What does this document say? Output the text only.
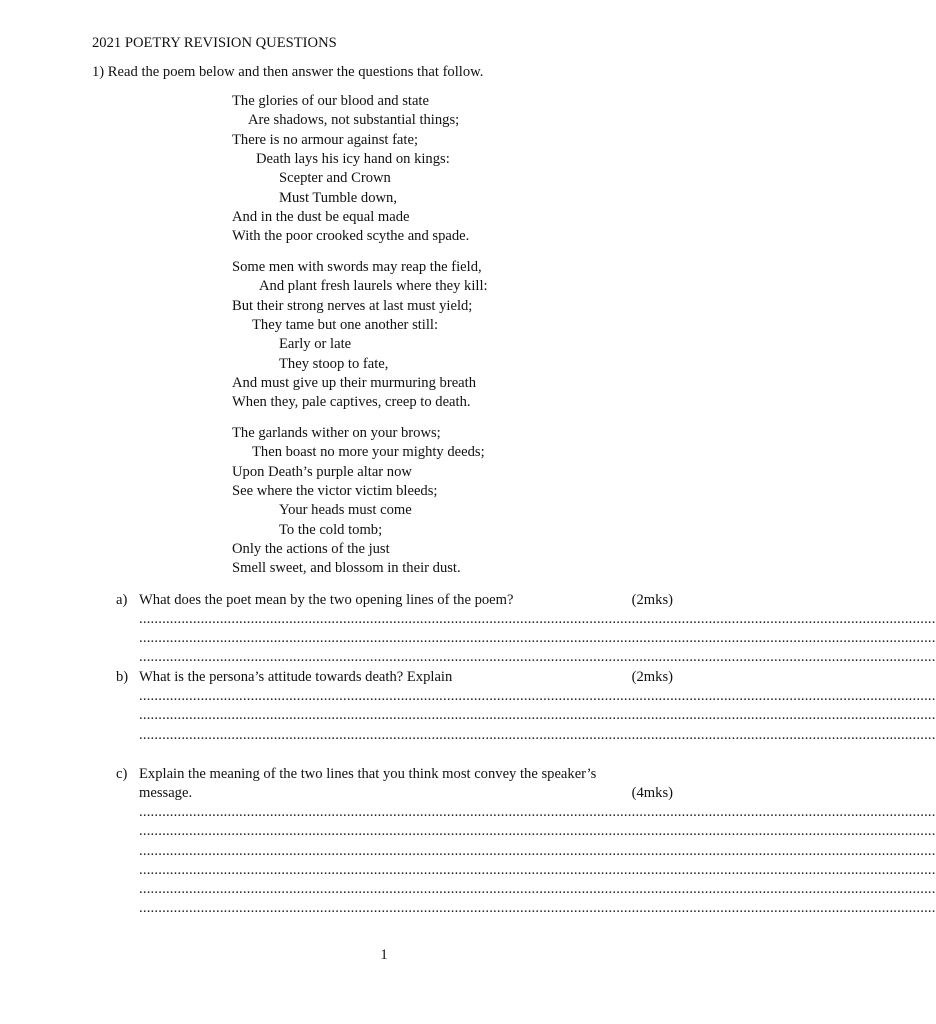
2021 POETRY REVISION QUESTIONS
1) Read the poem below and then answer the questions that follow.
The glories of our blood and state
Are shadows, not substantial things;
There is no armour against fate;
Death lays his icy hand on kings:
Scepter and Crown
Must Tumble down,
And in the dust be equal made
With the poor crooked scythe and spade.
Some men with swords may reap the field,
And plant fresh laurels where they kill:
But their strong nerves at last must yield;
They tame but one another still:
Early or late
They stoop to fate,
And must give up their murmuring breath
When they, pale captives, creep to death.
The garlands wither on your brows;
Then boast no more your mighty deeds;
Upon Death’s purple altar now
See where the victor victim bleeds;
Your heads must come
To the cold tomb;
Only the actions of the just
Smell sweet, and blossom in their dust.
a) What does the poet mean by the two opening lines of the poem?	(2mks)
...............................................................................................................................................................................................................
...............................................................................................................................................................................................................
...............................................................................................................................................................................................................
b) What is the persona’s attitude towards death? Explain	(2mks)
...............................................................................................................................................................................................................
...............................................................................................................................................................................................................
...............................................................................................................................................................................................................
c) Explain the meaning of the two lines that you think most convey the speaker’s
message.	(4mks)
...............................................................................................................................................................................................................
...............................................................................................................................................................................................................
...............................................................................................................................................................................................................
...............................................................................................................................................................................................................
...............................................................................................................................................................................................................
...............................................................................................................................................................................................................
1
